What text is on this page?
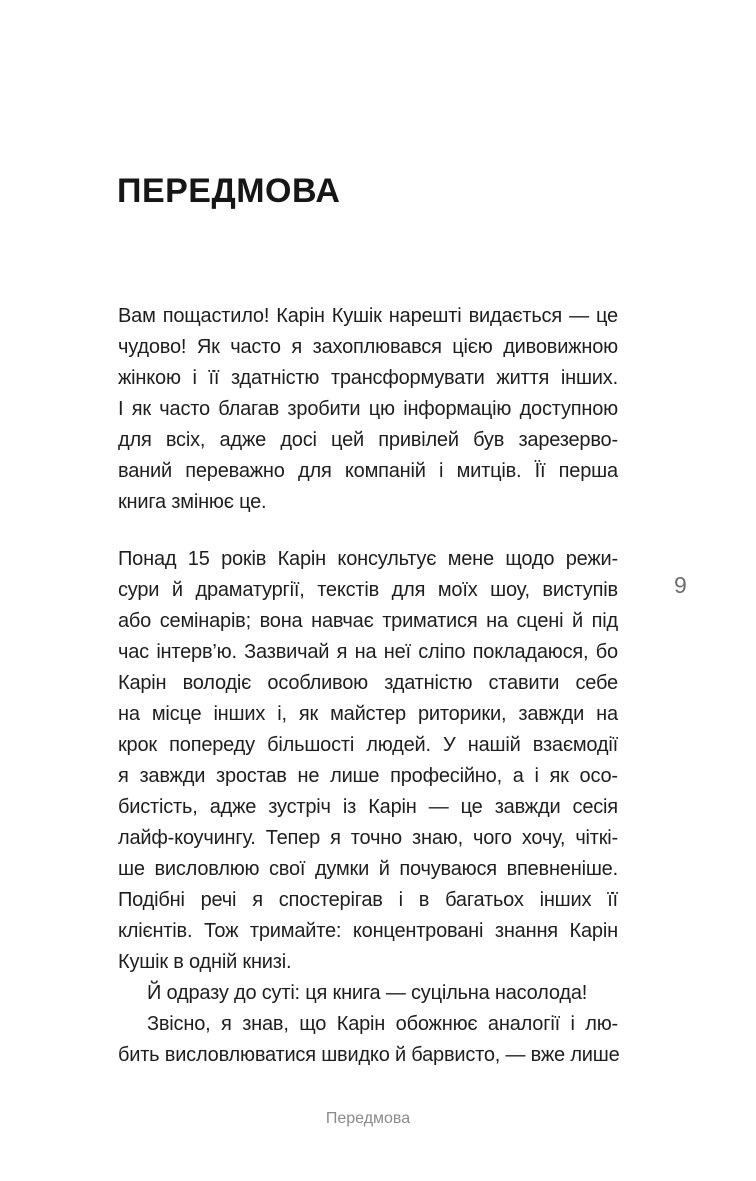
ПЕРЕДМОВА

Вам пощастило! Карін Кушік нарешті видається — це
чудово! Як часто я захоплювався цією дивовижною
жінкою і її здатністю трансформувати життя інших.
І як часто благав зробити цю інформацію доступною
для всіх, адже досі цей привілей був зарезерво-
ваний переважно для компаній і митців. Її перша
книга змінює це.

Понад 15 років Карін консультує мене щодо режи-
сури й драматургії, текстів для моїх шоу, виступів
або семінарів; вона навчає триматися на сцені й під
час інтерв’ю. Зазвичай я на неї сліпо покладаюся, бо
Карін володіє особливою здатністю ставити себе
на місце інших і, як майстер риторики, завжди на
крок попереду більшості людей. У нашій взаємодії
я завжди зростав не лише професійно, а і як осо-
бистість, адже зустріч із Карін — це завжди сесія
лайф-коучингу. Тепер я точно знаю, чого хочу, чіткі-
ше висловлюю свої думки й почуваюся впевненіше.
Подібні речі я спостерігав і в багатьох інших її
клієнтів. Тож тримайте: концентровані знання Карін
Кушік в одній книзі.

Й одразу до суті: ця книга — суцільна насолода!

Звісно, я знав, що Карін обожнює аналогії і лю-
бить висловлюватися швидко й барвисто, — вже лише

9
Передмова
